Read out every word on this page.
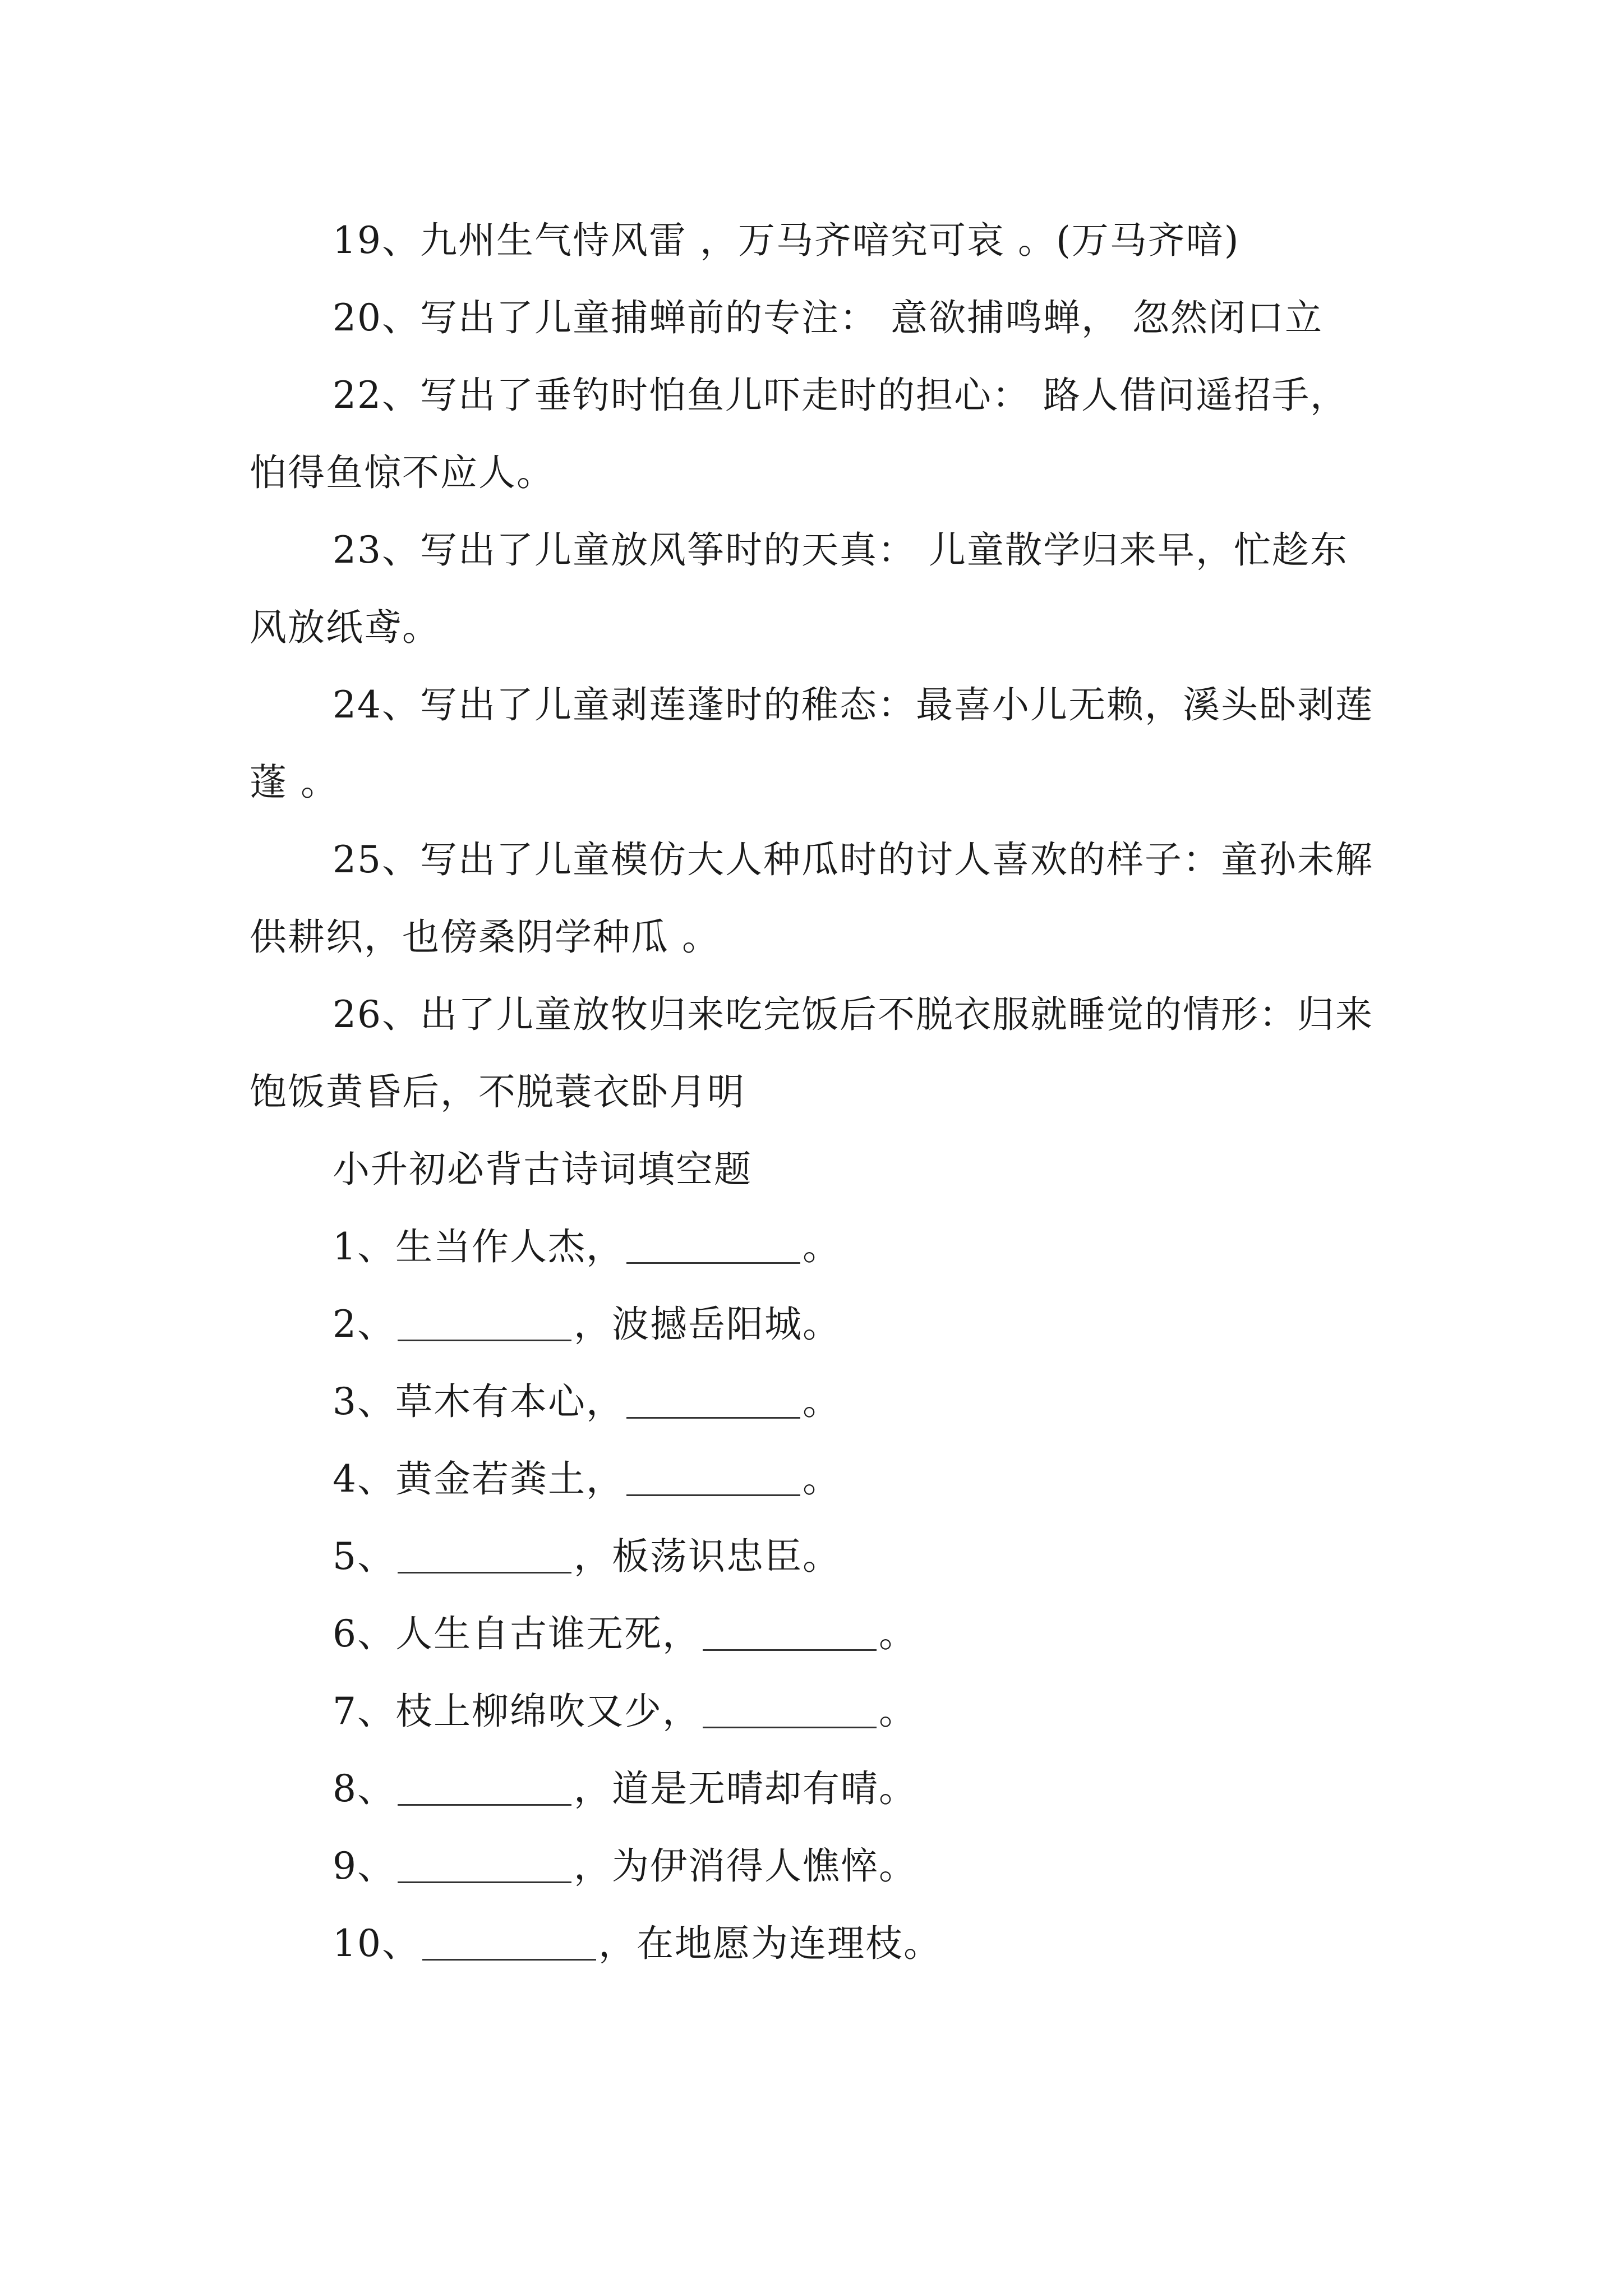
19、九州生气恃风雷 ，万马齐喑究可哀 。(万马齐喑)

20、写出了儿童捕蝉前的专注： 意欲捕鸣蝉， 忽然闭口立

22、写出了垂钓时怕鱼儿吓走时的担心： 路人借问遥招手，怕得鱼惊不应人。

23、写出了儿童放风筝时的天真： 儿童散学归来早，忙趁东风放纸鸢。

24、写出了儿童剥莲蓬时的稚态：最喜小儿无赖，溪头卧剥莲蓬 。

25、写出了儿童模仿大人种瓜时的讨人喜欢的样子：童孙未解供耕织，也傍桑阴学种瓜 。

26、出了儿童放牧归来吃完饭后不脱衣服就睡觉的情形：归来饱饭黄昏后，不脱蓑衣卧月明

小升初必背古诗词填空题

1、生当作人杰，	。

2、	，波撼岳阳城。

3、草木有本心，	。

4、黄金若粪土，	。

5、	，板荡识忠臣。

6、人生自古谁无死，	。

7、枝上柳绵吹又少，	。

8、	，道是无晴却有晴。

9、	，为伊消得人憔悴。

10、	，在地愿为连理枝。
